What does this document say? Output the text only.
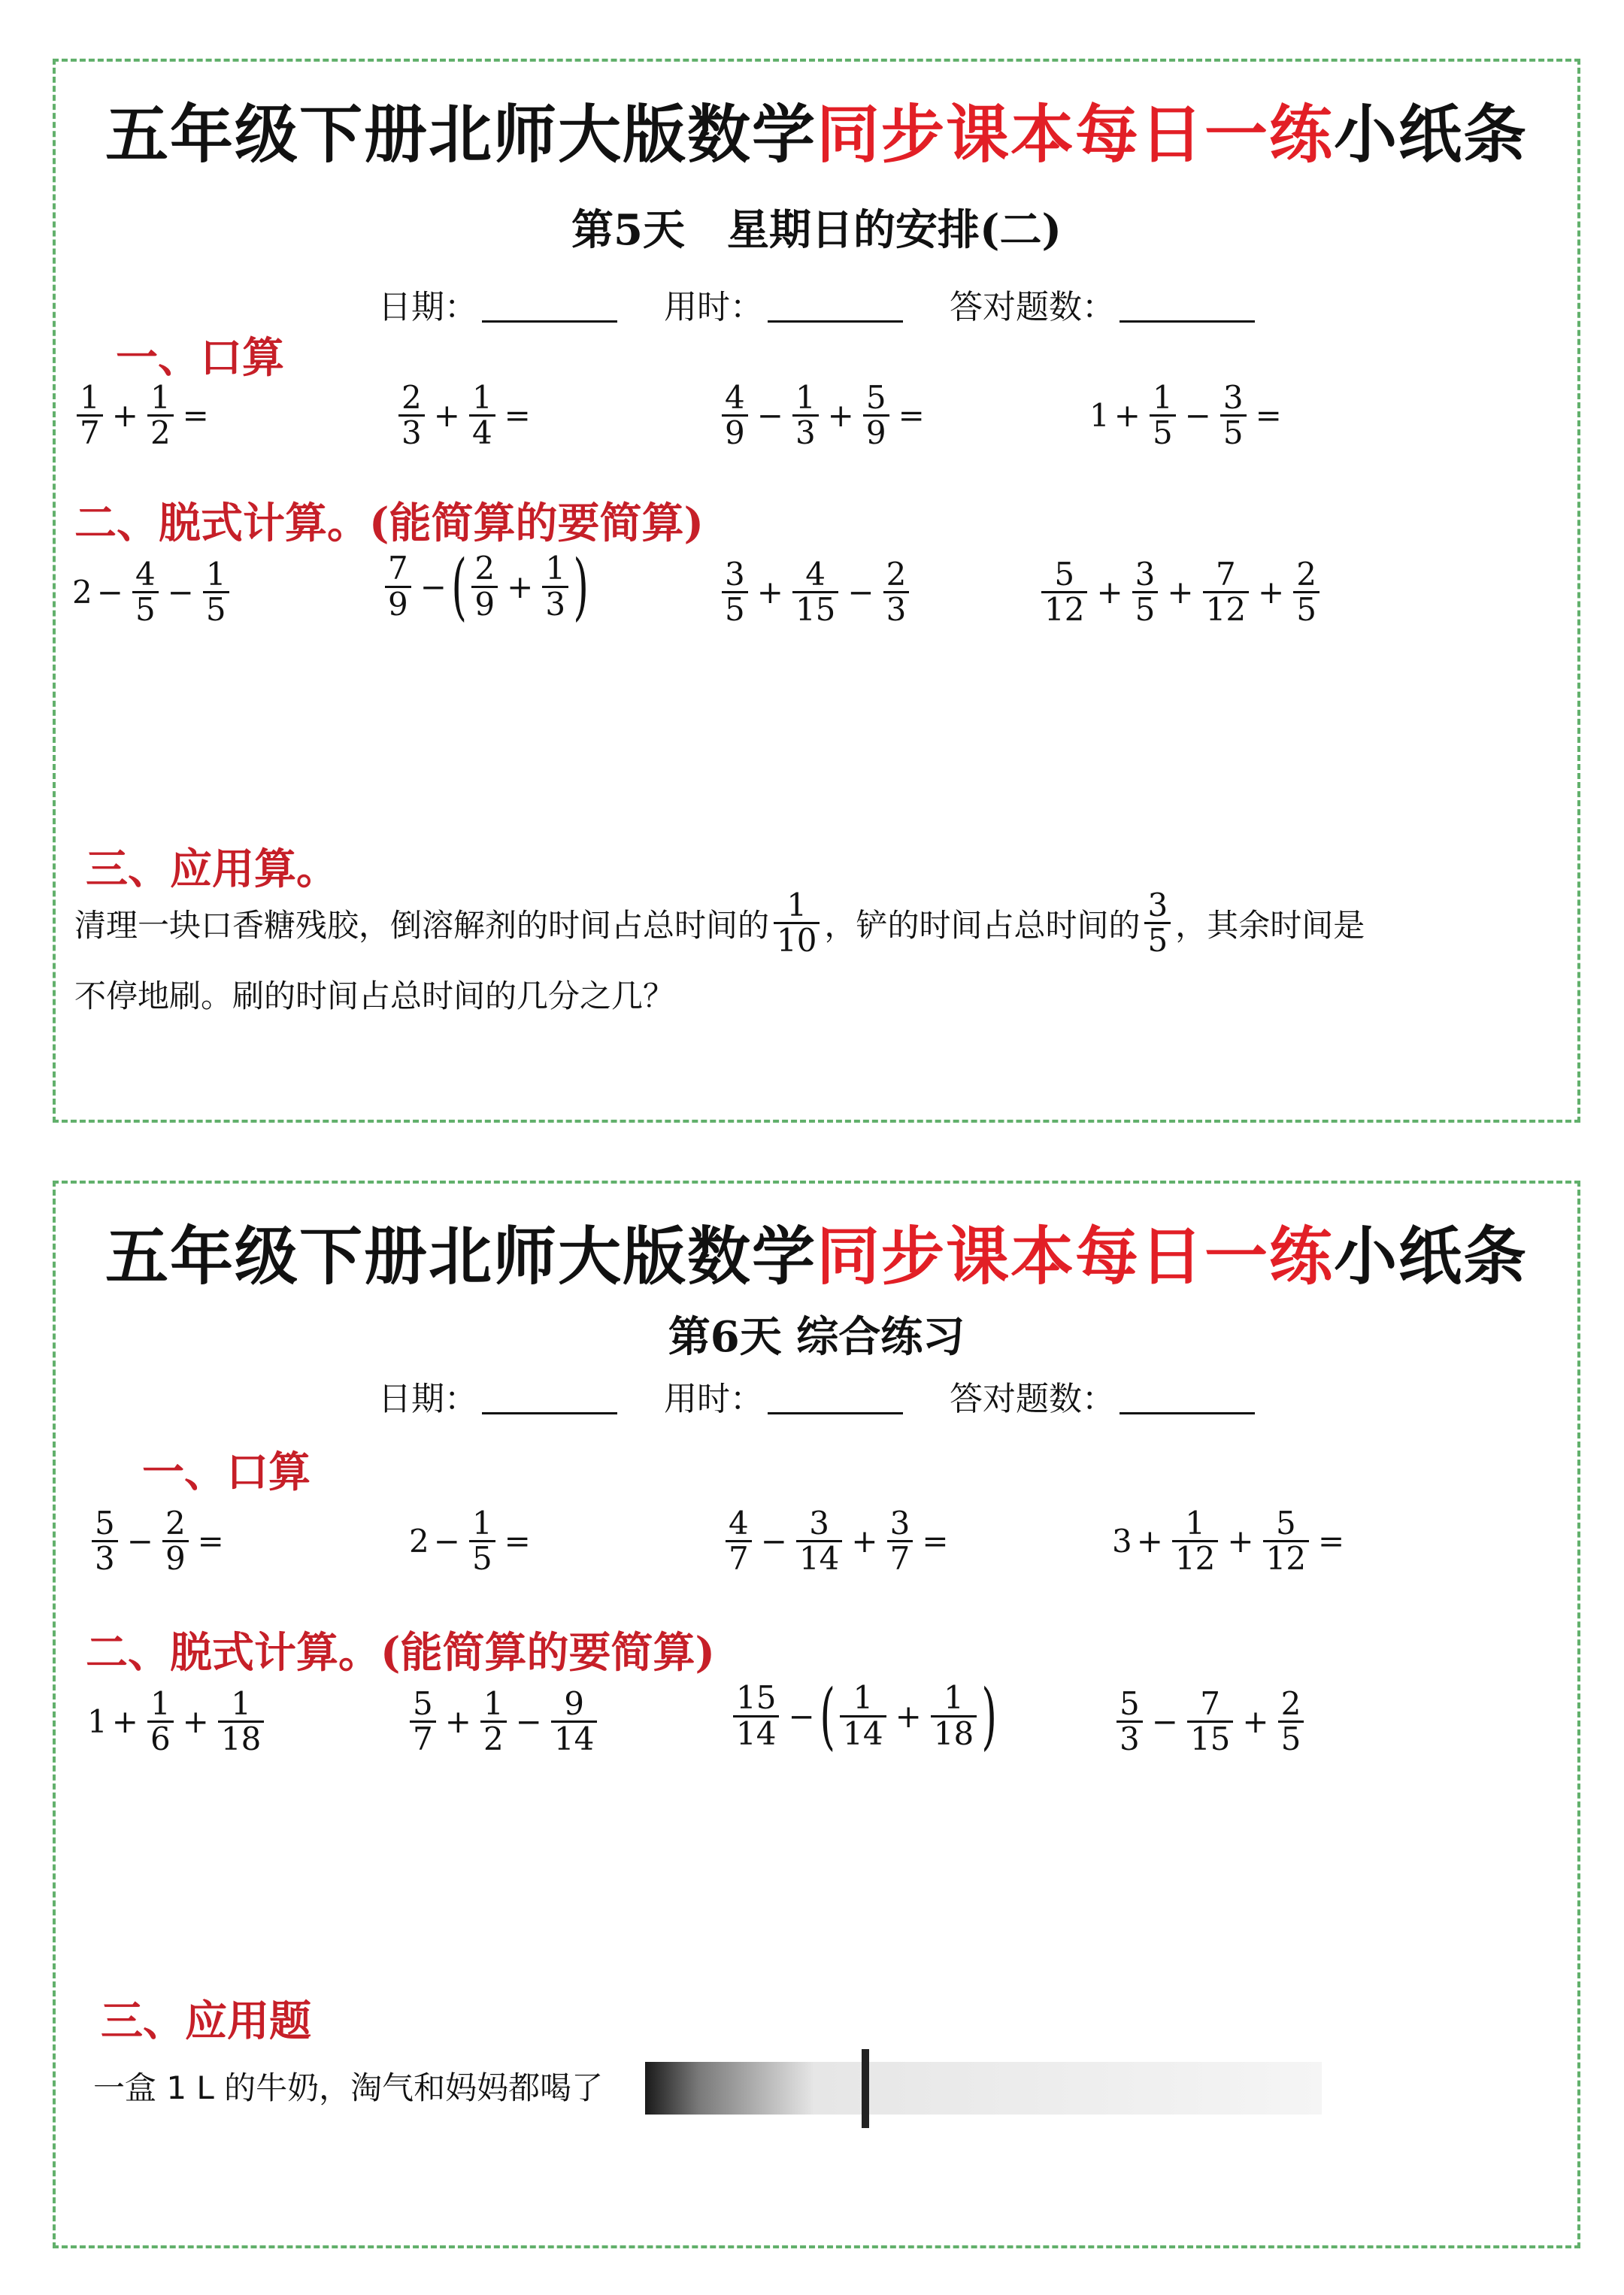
五年级下册北师大版数学同步课本每日一练小纸条
第5天　星期日的安排(二)
日期：	用时：	答对题数：
一、口算
$\frac{1}{7} + \frac{1}{2}$ =	$\frac{2}{3} + \frac{1}{4}$ =	$\frac{4}{9} - \frac{1}{3} + \frac{5}{9}$ =	$1 + \frac{1}{5} - \frac{3}{5}$ =
二、脱式计算。(能简算的要简算)
$2 - \frac{4}{5} - \frac{1}{5}$	$\frac{7}{9}$ − ( $\frac{2}{9} + \frac{1}{3}$ )	$\frac{3}{5} + \frac{4}{15} - \frac{2}{3}$	$\frac{5}{12} + \frac{3}{5} + \frac{7}{12} + \frac{2}{5}$
三、应用算。
清理一块口香糖残胶，倒溶解剂的时间占总时间的 $\frac{1}{10}$ ，铲的时间占总时间的 $\frac{3}{5}$ ，其余时间是
不停地刷。刷的时间占总时间的几分之几？
五年级下册北师大版数学同步课本每日一练小纸条
第6天 综合练习
日期：	用时：	答对题数：
一、口算
$\frac{5}{3} - \frac{2}{9}$ =	$2 - \frac{1}{5}$ =	$\frac{4}{7} - \frac{3}{14} + \frac{3}{7}$ =	$3 + \frac{1}{12} + \frac{5}{12}$ =
二、脱式计算。(能简算的要简算)
$1 + \frac{1}{6} + \frac{1}{18}$	$\frac{5}{7} + \frac{1}{2} - \frac{9}{14}$	$\frac{15}{14}$ − ( $\frac{1}{14} + \frac{1}{18}$ )	$\frac{5}{3} - \frac{7}{15} + \frac{2}{5}$
三、应用题
一盒 1 L 的牛奶，淘气和妈妈都喝了
